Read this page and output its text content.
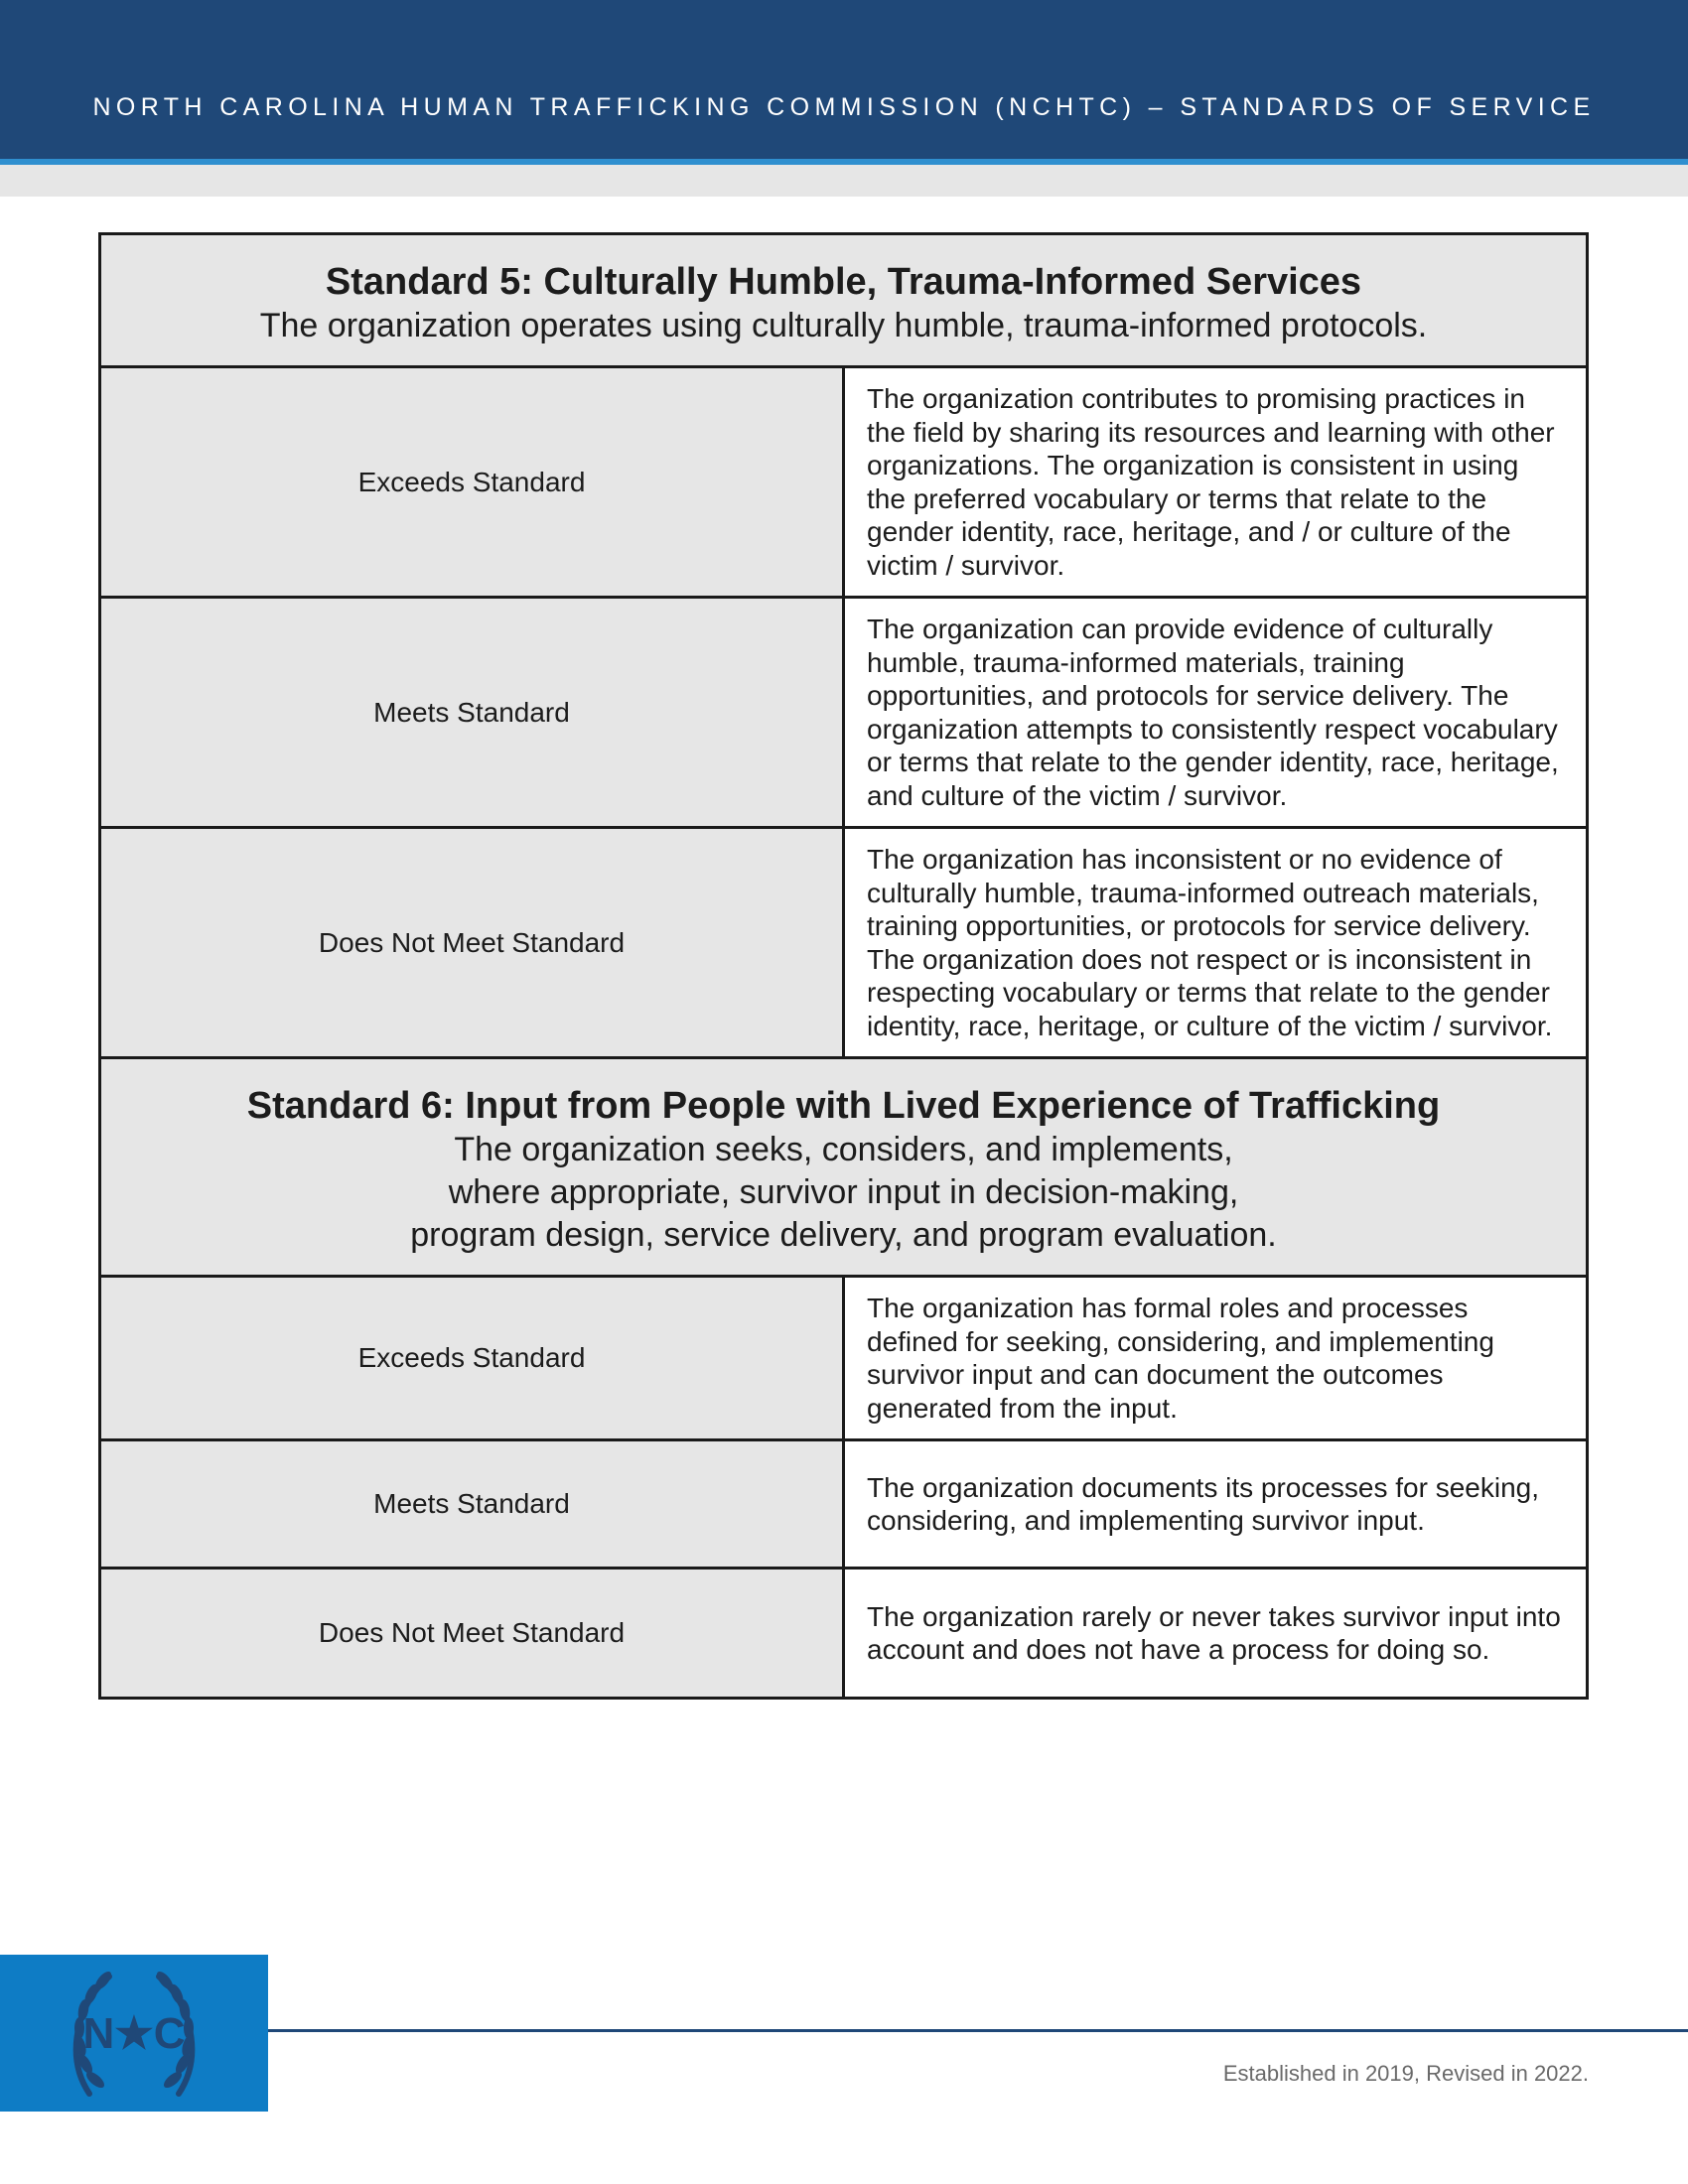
NORTH CAROLINA HUMAN TRAFFICKING COMMISSION (NCHTC) – STANDARDS OF SERVICE
Standard 5: Culturally Humble, Trauma-Informed Services
The organization operates using culturally humble, trauma-informed protocols.	

Exceeds Standard	The organization contributes to promising practices in the field by sharing its resources and learning with other organizations. The organization is consistent in using the preferred vocabulary or terms that relate to the gender identity, race, heritage, and / or culture of the victim / survivor.
Meets Standard	The organization can provide evidence of culturally humble, trauma-informed materials, training opportunities, and protocols for service delivery. The organization attempts to consistently respect vocabulary or terms that relate to the gender identity, race, heritage, and culture of the victim / survivor.
Does Not Meet Standard	The organization has inconsistent or no evidence of culturally humble, trauma-informed outreach materials, training opportunities, or protocols for service delivery. The organization does not respect or is inconsistent in respecting vocabulary or terms that relate to the gender identity, race, heritage, or culture of the victim / survivor.

Standard 6: Input from People with Lived Experience of Trafficking
The organization seeks, considers, and implements,
where appropriate, survivor input in decision-making,
program design, service delivery, and program evaluation.	

Exceeds Standard	The organization has formal roles and processes defined for seeking, considering, and implementing survivor input and can document the outcomes generated from the input.
Meets Standard	The organization documents its processes for seeking, considering, and implementing survivor input.
Does Not Meet Standard	The organization rarely or never takes survivor input into account and does not have a process for doing so.
N★C
Established in 2019, Revised in 2022.
